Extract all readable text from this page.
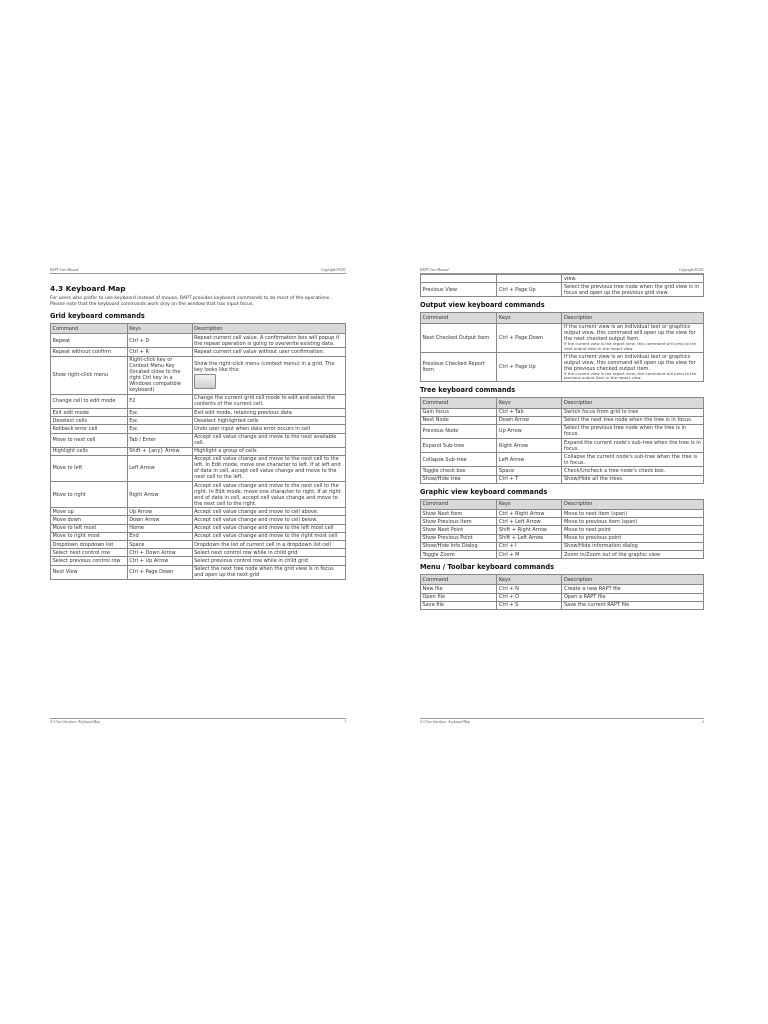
RAPT User Manual	Copyright PCDC
4.3 Keyboard Map

For users who prefer to use keyboard instead of mouse, RAPT provides keyboard commands to do most of the operations. Please note that the keyboard commands work only on the window that has input focus.

Grid keyboard commands
Command	Keys	Description
Repeat	Ctrl + D	Repeat current cell value. A confirmation box will popup if the repeat operation is going to overwrite existing data.
Repeat without confirm	Ctrl + R	Repeat current cell value without user confirmation.
Show right-click menu	Right-click key or Context Menu Key (located close to the right Ctrl key in a Windows compatible keyboard)	Show the right-click menu (context menu) in a grid. The key looks like this:

Change cell to edit mode	F2	Change the current grid cell mode to edit and select the contents of the current cell.
Exit edit mode	Esc	Exit edit mode, retaining previous data
Deselect cells	Esc	Deselect highlighted cells
Rollback error cell	Esc	Undo user input when data error occurs in cell
Move to next cell	Tab / Enter	Accept cell value change and move to the next available cell.
Highlight cells	Shift + {any} Arrow	Highlight a group of cells
Move to left	Left Arrow	Accept cell value change and move to the next cell to the left. In Edit mode, move one character to left. If at left end of data in cell, accept cell value change and move to the next cell to the left.
Move to right	Right Arrow	Accept cell value change and move to the next cell to the right. In Edit mode, move one character to right. If at right end of data in cell, accept cell value change and move to the next cell to the right.
Move up	Up Arrow	Accept cell value change and move to cell above.
Move down	Down Arrow	Accept cell value change and move to cell below.
Move to left most	Home	Accept cell value change and move to the left most cell
Move to right most	End	Accept cell value change and move to the right most cell
Dropdown dropdown list	Space	Dropdown the list of current cell in a dropdown list cell
Select next control row	Ctrl + Down Arrow	Select next control row while in child grid
Select previous control row	Ctrl + Up Arrow	Select previous control row while in child grid
Next View	Ctrl + Page Down	Select the next tree node when the grid view is in focus and open up the next grid
4.3 User Interface: Keyboard Map	1
RAPT User Manual	Copyright PCDC
		view.
Previous View	Ctrl + Page Up	Select the previous tree node when the grid view is in focus and open up the previous grid view.
Output view keyboard commands
Command	Keys	Description
Next Checked Output Item	Ctrl + Page Down	If the current view is an individual text or graphics output view, this command will open up the view for the next checked output item.
If the current view is the report view, this command will jump to the next output item in the report view.

Previous Checked Report Item	Ctrl + Page Up	If the current view is an individual text or graphics output view, this command will open up the view for the previous checked output item.
If the current view is the report view, this command will jump to the previous output item in the report view.
Tree keyboard commands
Command	Keys	Description
Gain focus	Ctrl + Tab	Switch focus from grid to tree
Next Node	Down Arrow	Select the next tree node when the tree is in focus.
Previous Node	Up Arrow	Select the previous tree node when the tree is in focus.
Expand Sub-tree	Right Arrow	Expand the current node's sub-tree when the tree is in focus.
Collapse Sub-tree	Left Arrow	Collapse the current node's sub-tree when the tree is in focus.
Toggle check box	Space	Check/Uncheck a tree node's check box.
Show/Hide tree	Ctrl + T	Show/Hide all the trees.
Graphic view keyboard commands
Command	Keys	Description
Show Next Item	Ctrl + Right Arrow	Move to next item (span)
Show Previous Item	Ctrl + Left Arrow	Move to previous item (span)
Show Next Point	Shift + Right Arrow	Move to next point
Show Previous Point	Shift + Left Arrow	Move to previous point
Show/Hide Info Dialog	Ctrl + I	Show/Hide information dialog
Toggle Zoom	Ctrl + M	Zoom in/Zoom out of the graphic view
Menu / Toolbar keyboard commands
Command	Keys	Description
New file	Ctrl + N	Create a new RAPT file
Open file	Ctrl + O	Open a RAPT file
Save file	Ctrl + S	Save the current RAPT file
4.3 User Interface: Keyboard Map	2
